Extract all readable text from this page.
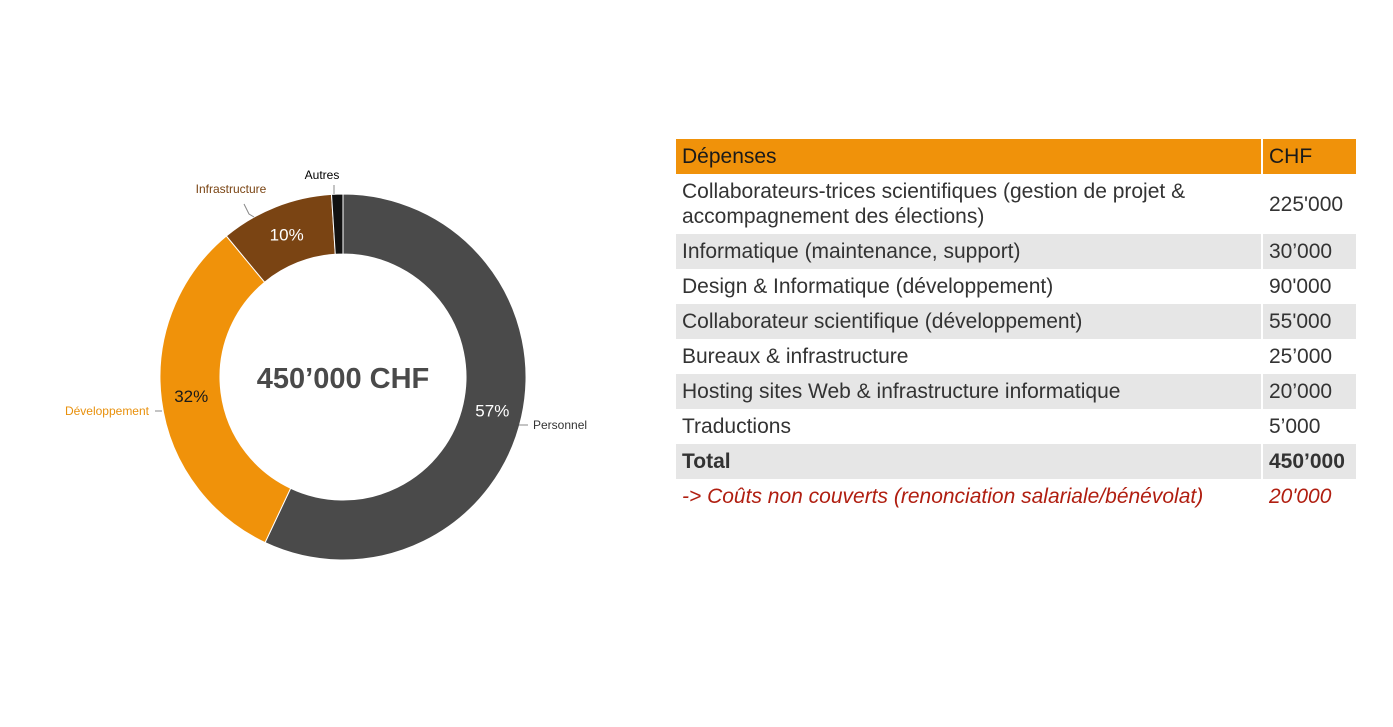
57%
Personnel
32%
Développement
10%
Infrastructure
Autres
450’000 CHF
Dépenses	CHF
Collaborateurs-trices scientifiques (gestion de projet & accompagnement des élections)	225'000
Informatique (maintenance, support)	30’000
Design & Informatique (développement)	90'000
Collaborateur scientifique (développement)	55'000
Bureaux & infrastructure	25’000
Hosting sites Web & infrastructure informatique	20’000
Traductions	5’000
Total	450’000
-> Coûts non couverts (renonciation salariale/bénévolat)	20'000
